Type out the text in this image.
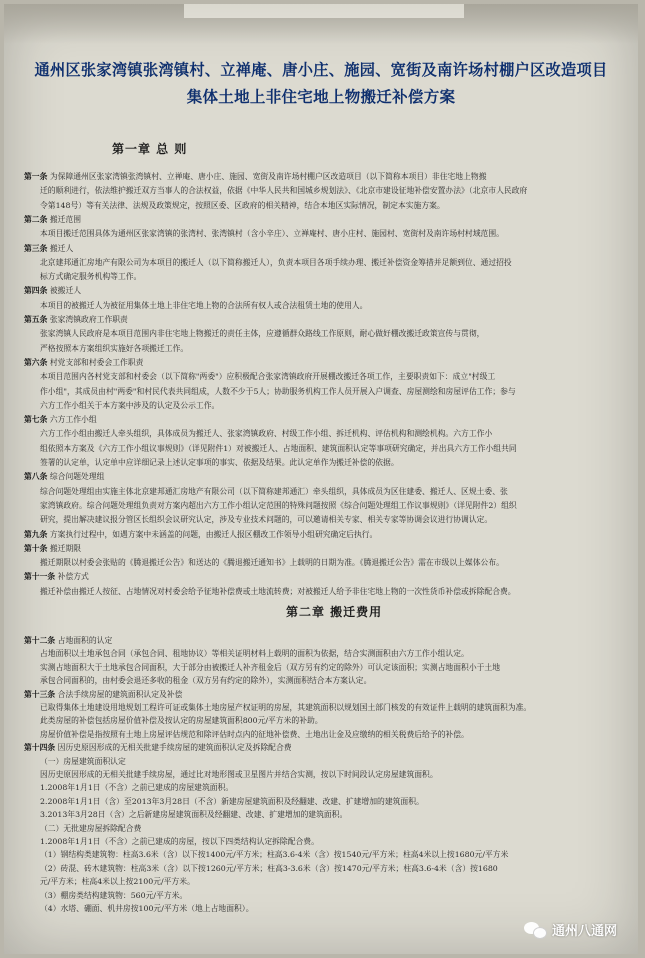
通州区张家湾镇张湾镇村、立禅庵、唐小庄、施园、宽街及南许场村棚户区改造项目
集体土地上非住宅地上物搬迁补偿方案
第一章 总 则
第二章 搬迁费用
第一条 为保障通州区张家湾镇张湾镇村、立禅庵、唐小庄、施园、宽街及南许场村棚户区改造项目（以下简称本项目）非住宅地上物搬
迁的顺利进行，依法维护搬迁双方当事人的合法权益，依据《中华人民共和国城乡规划法》、《北京市建设征地补偿安置办法》（北京市人民政府
令第148号）等有关法律、法规及政策规定，按照区委、区政府的相关精神，结合本地区实际情况，制定本实施方案。
第二条 搬迁范围
本项目搬迁范围具体为通州区张家湾镇的张湾村、张湾镇村（含小辛庄）、立禅庵村、唐小庄村、施园村、宽街村及南许场村村域范围。
第三条 搬迁人
北京建邦通汇房地产有限公司为本项目的搬迁人（以下简称搬迁人），负责本项目各项手续办理、搬迁补偿资金筹措并足额到位、通过招投
标方式确定服务机构等工作。
第四条 被搬迁人
本项目的被搬迁人为被征用集体土地上非住宅地上物的合法所有权人或合法租赁土地的使用人。
第五条 张家湾镇政府工作职责
张家湾镇人民政府是本项目范围内非住宅地上物搬迁的责任主体，应遵循群众路线工作原则，耐心做好棚改搬迁政策宣传与贯彻，
严格按照本方案组织实施好各项搬迁工作。
第六条 村党支部和村委会工作职责
本项目范围内各村党支部和村委会（以下简称"两委"）应积极配合张家湾镇政府开展棚改搬迁各项工作，主要职责如下：成立"村级工
作小组"，其成员由村"两委"和村民代表共同组成，人数不少于5人；协助服务机构工作人员开展入户调查、房屋测绘和房屋评估工作；参与
六方工作小组关于本方案中涉及的认定及公示工作。
第七条 六方工作小组
六方工作小组由搬迁人牵头组织，具体成员为搬迁人、张家湾镇政府、村级工作小组、拆迁机构、评估机构和测绘机构。六方工作小
组依照本方案及《六方工作小组议事规则》（详见附件1）对被搬迁人、占地面积、建筑面积认定等事项研究确定，并出具六方工作小组共同
签署的认定单，认定单中应详细记录上述认定事项的事实、依据及结果。此认定单作为搬迁补偿的依据。
第八条 综合问题处理组
综合问题处理组由实施主体北京建邦通汇房地产有限公司（以下简称建邦通汇）牵头组织，具体成员为区住建委、搬迁人、区规土委、张
家湾镇政府。综合问题处理组负责对方案内超出六方工作小组认定范围的特殊问题按照《综合问题处理组工作议事规则》（详见附件2）组织
研究，提出解决建议报分管区长组织会议研究认定，涉及专业技术问题的，可以邀请相关专家、相关专家等协调会议进行协调认定。
第九条 方案执行过程中，如遇方案中未涵盖的问题，由搬迁人报区棚改工作领导小组研究确定后执行。
第十条 搬迁期限
搬迁期限以村委会张贴的《腾退搬迁公告》和送达的《腾退搬迁通知书》上载明的日期为准。《腾退搬迁公告》需在市级以上媒体公布。
第十一条 补偿方式
搬迁补偿由搬迁人按征、占地情况对村委会给予征地补偿费或土地流转费；对被搬迁人给予非住宅地上物的一次性货币补偿或拆除配合费。
第十二条 占地面积的认定
占地面积以土地承包合同（承包合同、租地协议）等相关证明材料上载明的面积为依据，结合实测面积由六方工作小组认定。
实测占地面积大于土地承包合同面积，大于部分由被搬迁人补齐租金后（双方另有约定的除外）可认定该面积；实测占地面积小于土地
承包合同面积的，由村委会退还多收的租金（双方另有约定的除外），实测面积结合本方案认定。
第十三条 合法手续房屋的建筑面积认定及补偿
已取得集体土地建设用地规划工程许可证或集体土地房屋产权证明的房屋，其建筑面积以规划国土部门核发的有效证件上载明的建筑面积为准。
此类房屋的补偿包括房屋价值补偿及按认定的房屋建筑面积800元/平方米的补助。
房屋价值补偿是指按照有土地上房屋评估规范和除评估时点内的征地补偿费、土地出让金及应缴纳的相关税费后给予的补偿。
第十四条 因历史原因形成的无相关批建手续房屋的建筑面积认定及拆除配合费
（一）房屋建筑面积认定
因历史原因形成的无相关批建手续房屋，通过比对地形图或卫星图片并结合实测，按以下时间段认定房屋建筑面积。
1.2008年1月1日（不含）之前已建成的房屋建筑面积。
2.2008年1月1日（含）至2013年3月28日（不含）新建房屋建筑面积及经翻建、改建、扩建增加的建筑面积。
3.2013年3月28日（含）之后新建房屋建筑面积及经翻建、改建、扩建增加的建筑面积。
（二）无批建房屋拆除配合费
1.2008年1月1日（不含）之前已建成的房屋，按以下四类结构认定拆除配合费。
（1）钢结构类建筑物：柱高3.6米（含）以下按1400元/平方米；柱高3.6-4米（含）按1540元/平方米；柱高4米以上按1680元/平方米
（2）砖混、砖木建筑物：柱高3米（含）以下按1260元/平方米；柱高3-3.6米（含）按1470元/平方米；柱高3.6-4米（含）按1680
元/平方米；柱高4米以上按2100元/平方米。
（3）棚房类结构建筑物：560元/平方米。
（4）水塔、硼面、机井房按100元/平方米（地上占地面积）。
通州八通网
